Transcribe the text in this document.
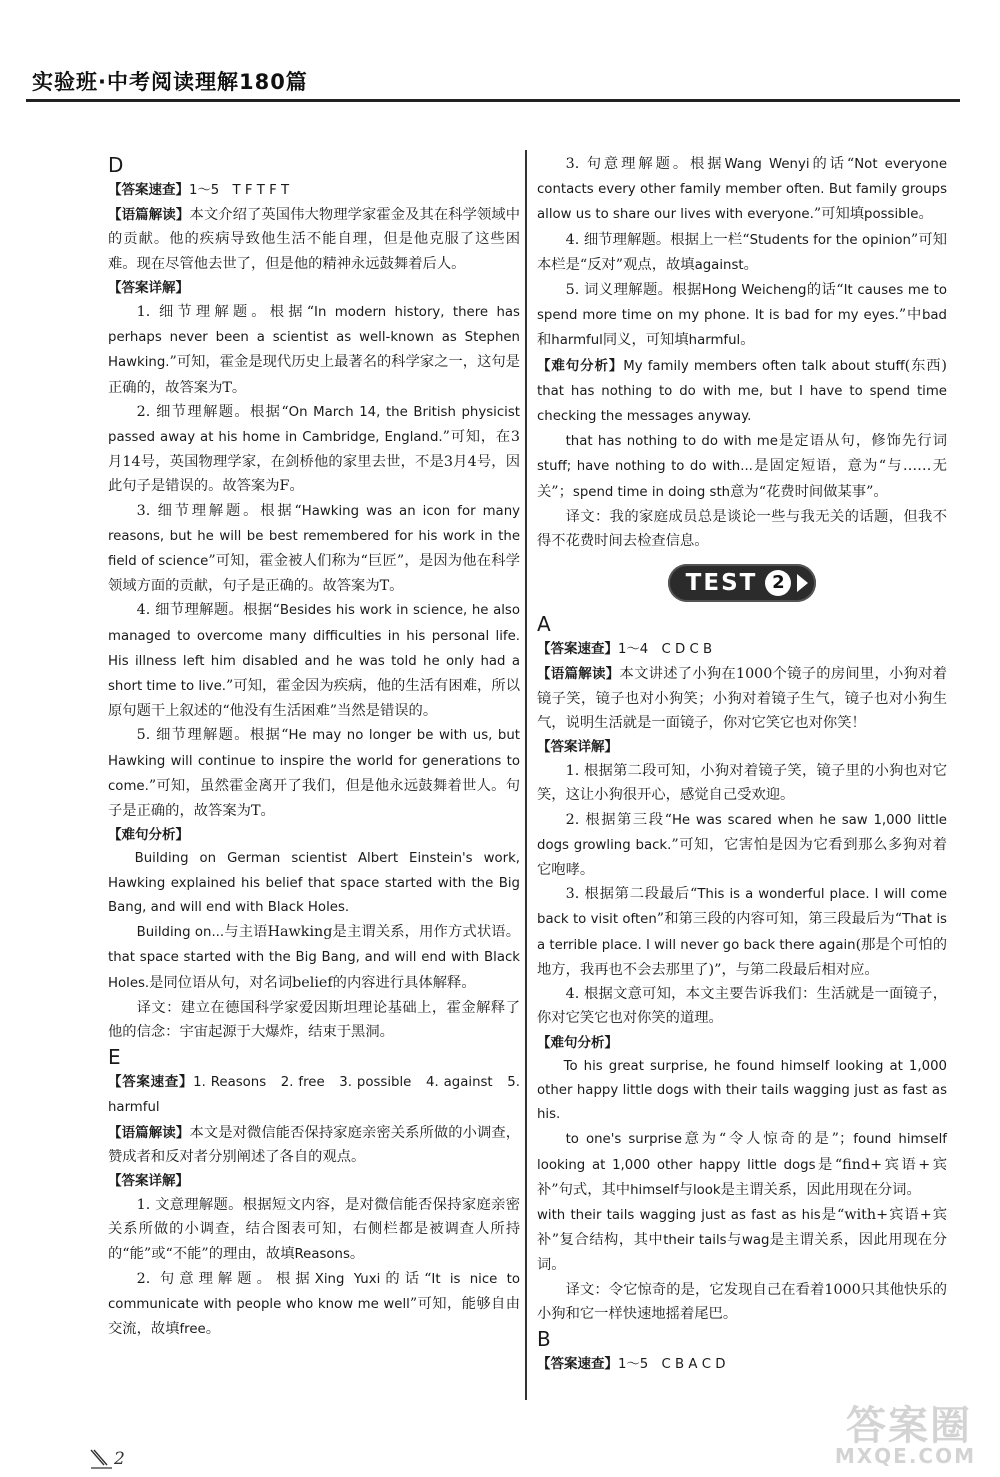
实验班·中考阅读理解180篇

D

【答案速查】1～5　T F T F T

【语篇解读】本文介绍了英国伟大物理学家霍金及其在科学领域中的贡献。他的疾病导致他生活不能自理，但是他克服了这些困难。现在尽管他去世了，但是他的精神永远鼓舞着后人。

【答案详解】

1. 细节理解题。根据“In modern history, there has perhaps never been a scientist as well-known as Stephen Hawking.”可知，霍金是现代历史上最著名的科学家之一，这句是正确的，故答案为T。

2. 细节理解题。根据“On March 14, the British physicist passed away at his home in Cambridge, England.”可知，在3月14号，英国物理学家，在剑桥他的家里去世，不是3月4号，因此句子是错误的。故答案为F。

3. 细节理解题。根据“Hawking was an icon for many reasons, but he will be best remembered for his work in the field of science”可知，霍金被人们称为“巨匠”，是因为他在科学领域方面的贡献，句子是正确的。故答案为T。

4. 细节理解题。根据“Besides his work in science, he also managed to overcome many difficulties in his personal life. His illness left him disabled and he was told he only had a short time to live.”可知，霍金因为疾病，他的生活有困难，所以原句题干上叙述的“他没有生活困难”当然是错误的。

5. 细节理解题。根据“He may no longer be with us, but Hawking will continue to inspire the world for generations to come.”可知，虽然霍金离开了我们，但是他永远鼓舞着世人。句子是正确的，故答案为T。

【难句分析】

Building on German scientist Albert Einstein's work, Hawking explained his belief that space started with the Big Bang, and will end with Black Holes.

Building on...与主语Hawking是主谓关系，用作方式状语。that space started with the Big Bang, and will end with Black Holes.是同位语从句，对名词belief的内容进行具体解释。

译文：建立在德国科学家爱因斯坦理论基础上，霍金解释了他的信念：宇宙起源于大爆炸，结束于黑洞。

E

【答案速查】1. Reasons　2. free　3. possible　4. against　5. harmful

【语篇解读】本文是对微信能否保持家庭亲密关系所做的小调查，赞成者和反对者分别阐述了各自的观点。

【答案详解】

1. 文意理解题。根据短文内容，是对微信能否保持家庭亲密关系所做的小调查，结合图表可知，右侧栏都是被调查人所持的“能”或“不能”的理由，故填Reasons。

2. 句意理解题。根据Xing Yuxi的话“It is nice to communicate with people who know me well”可知，能够自由交流，故填free。

3. 句意理解题。根据Wang Wenyi的话“Not everyone contacts every other family member often. But family groups allow us to share our lives with everyone.”可知填possible。

4. 细节理解题。根据上一栏“Students for the opinion”可知本栏是“反对”观点，故填against。

5. 词义理解题。根据Hong Weicheng的话“It causes me to spend more time on my phone. It is bad for my eyes.”中bad和harmful同义，可知填harmful。

【难句分析】My family members often talk about stuff(东西) that has nothing to do with me, but I have to spend time checking the messages anyway.

that has nothing to do with me是定语从句，修饰先行词stuff; have nothing to do with...是固定短语，意为“与……无关”；spend time in doing sth意为“花费时间做某事”。

译文：我的家庭成员总是谈论一些与我无关的话题，但我不得不花费时间去检查信息。

TEST 2

A

【答案速查】1～4　C D C B

【语篇解读】本文讲述了小狗在1000个镜子的房间里，小狗对着镜子笑，镜子也对小狗笑；小狗对着镜子生气，镜子也对小狗生气，说明生活就是一面镜子，你对它笑它也对你笑！

【答案详解】

1. 根据第二段可知，小狗对着镜子笑，镜子里的小狗也对它笑，这让小狗很开心，感觉自己受欢迎。

2. 根据第三段“He was scared when he saw 1,000 little dogs growling back.”可知，它害怕是因为它看到那么多狗对着它咆哮。

3. 根据第二段最后“This is a wonderful place. I will come back to visit often”和第三段的内容可知，第三段最后为“That is a terrible place. I will never go back there again(那是个可怕的地方，我再也不会去那里了)”，与第二段最后相对应。

4. 根据文意可知，本文主要告诉我们：生活就是一面镜子，你对它笑它也对你笑的道理。

【难句分析】

To his great surprise, he found himself looking at 1,000 other happy little dogs with their tails wagging just as fast as his.

to one's surprise意为“令人惊奇的是”；found himself looking at 1,000 other happy little dogs是“find+宾语+宾补”句式，其中himself与look是主谓关系，因此用现在分词。

with their tails wagging just as fast as his是“with+宾语+宾补”复合结构，其中their tails与wag是主谓关系，因此用现在分词。

译文：令它惊奇的是，它发现自己在看着1000只其他快乐的小狗和它一样快速地摇着尾巴。

B

【答案速查】1～5　C B A C D

2
答案圈
MXQE.COM
